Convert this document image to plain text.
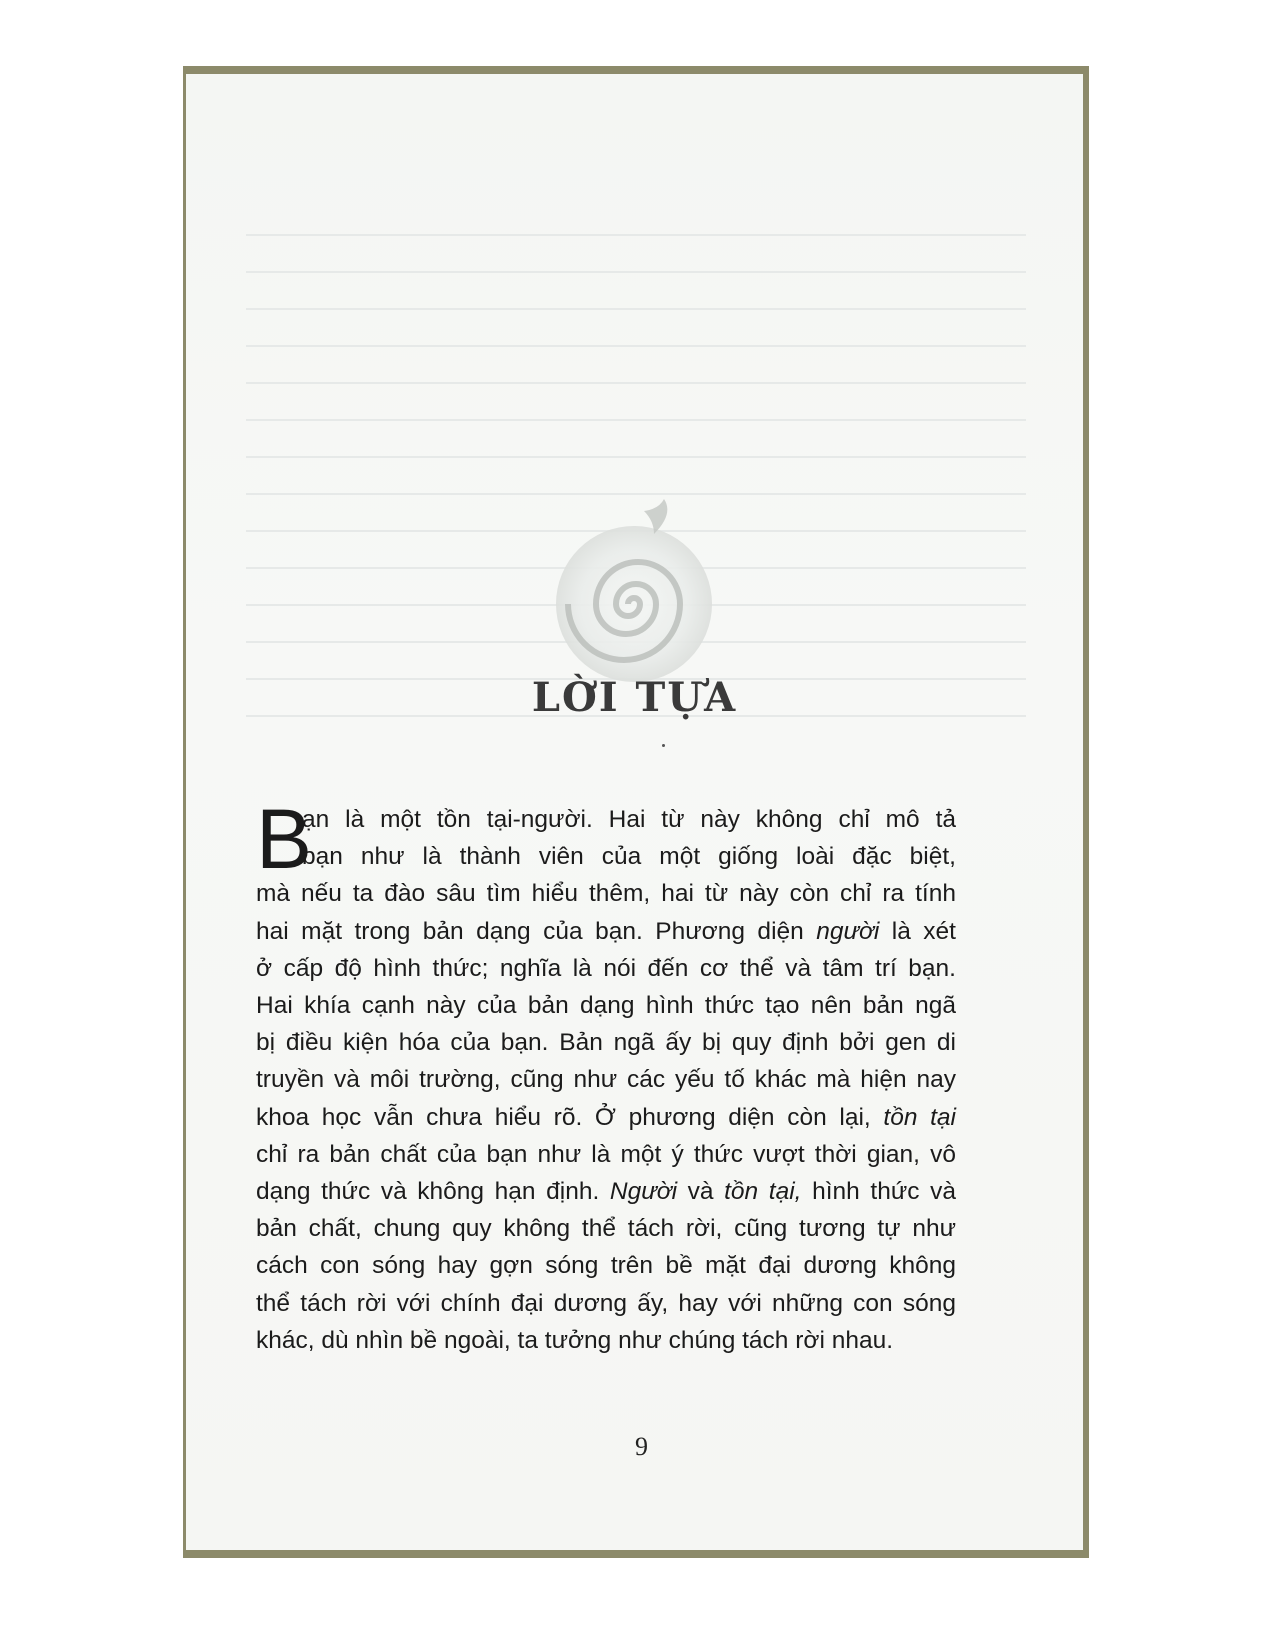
LỜI TỰA
B
ạn là một tồn tại-người. Hai từ này không chỉ mô tả
bạn như là thành viên của một giống loài đặc biệt,
mà nếu ta đào sâu tìm hiểu thêm, hai từ này còn chỉ ra tính
hai mặt trong bản dạng của bạn. Phương diện người là xét
ở cấp độ hình thức; nghĩa là nói đến cơ thể và tâm trí bạn.
Hai khía cạnh này của bản dạng hình thức tạo nên bản ngã
bị điều kiện hóa của bạn. Bản ngã ấy bị quy định bởi gen di
truyền và môi trường, cũng như các yếu tố khác mà hiện nay
khoa học vẫn chưa hiểu rõ. Ở phương diện còn lại, tồn tại
chỉ ra bản chất của bạn như là một ý thức vượt thời gian, vô
dạng thức và không hạn định. Người và tồn tại, hình thức và
bản chất, chung quy không thể tách rời, cũng tương tự như
cách con sóng hay gợn sóng trên bề mặt đại dương không
thể tách rời với chính đại dương ấy, hay với những con sóng
khác, dù nhìn bề ngoài, ta tưởng như chúng tách rời nhau.
9
